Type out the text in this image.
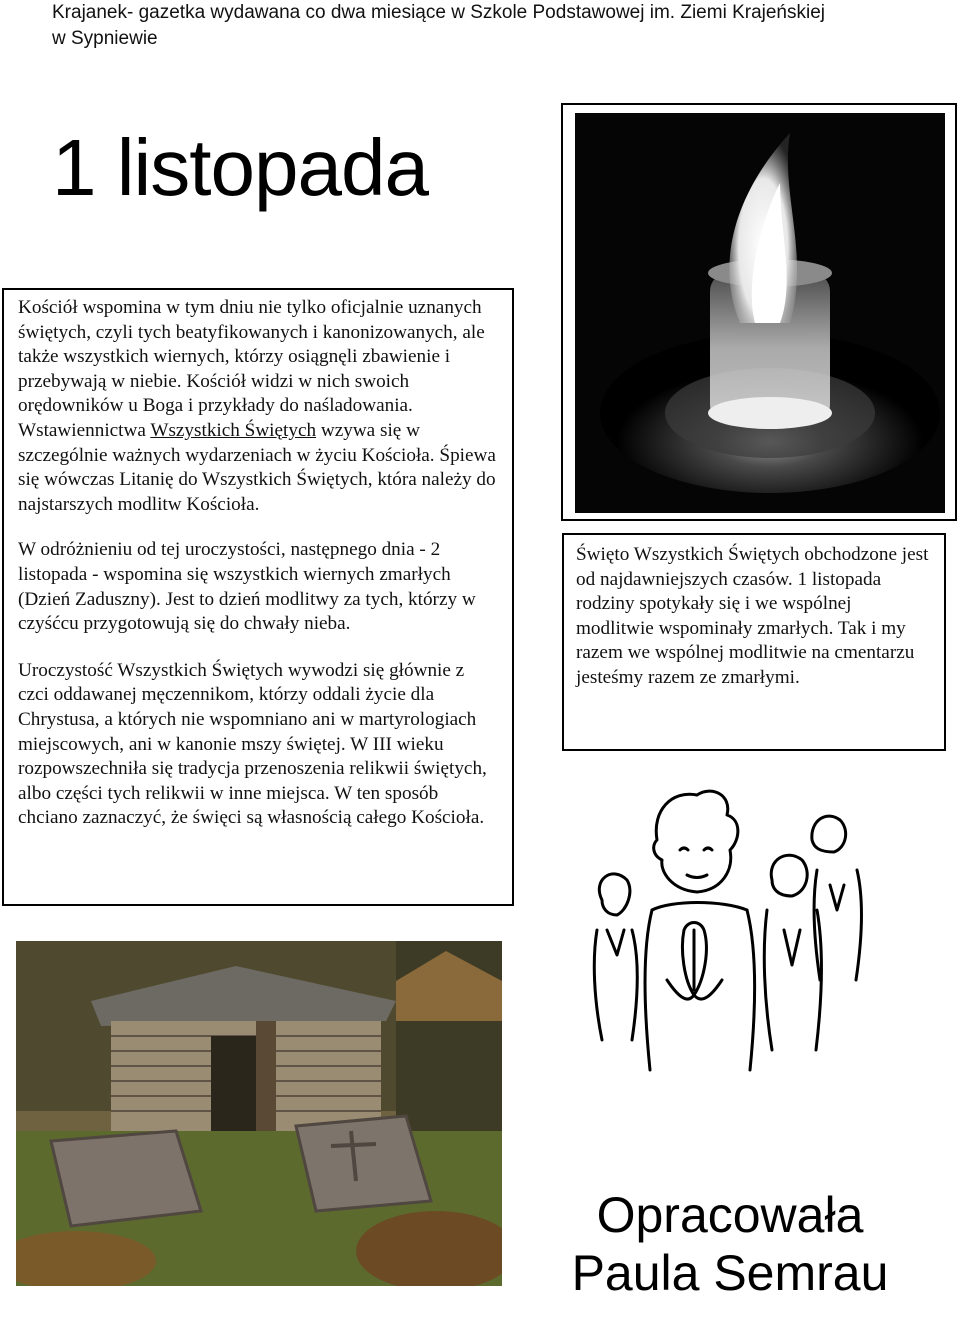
Krajanek- gazetka wydawana co dwa miesiące w Szkole Podstawowej im. Ziemi Krajeńskiej
w Sypniewie
1 listopada

Kościół wspomina w tym dniu nie tylko oficjalnie uznanych świętych, czyli tych beatyfikowanych i kanonizowanych, ale także wszystkich wiernych, którzy osiągnęli zbawienie i przebywają w niebie. Kościół widzi w nich swoich orędowników u Boga i przykłady do naśladowania. Wstawiennictwa Wszystkich Świętych wzywa się w szczególnie ważnych wydarzeniach w życiu Kościoła. Śpiewa się wówczas Litanię do Wszystkich Świętych, która należy do najstarszych modlitw Kościoła.

W odróżnieniu od tej uroczystości, następnego dnia - 2 listopada - wspomina się wszystkich wiernych zmarłych (Dzień Zaduszny). Jest to dzień modlitwy za tych, którzy w czyśćcu przygotowują się do chwały nieba.

Uroczystość Wszystkich Świętych wywodzi się głównie z czci oddawanej męczennikom, którzy oddali życie dla Chrystusa, a których nie wspomniano ani w martyrologiach miejscowych, ani w kanonie mszy świętej. W III wieku rozpowszechniła się tradycja przenoszenia relikwii świętych, albo części tych relikwii w inne miejsca. W ten sposób chciano zaznaczyć, że święci są własnością całego Kościoła.

Święto Wszystkich Świętych obchodzone jest od najdawniejszych czasów. 1 listopada rodziny spotykały się i we wspólnej modlitwie wspominały zmarłych. Tak i my razem we wspólnej modlitwie na cmentarzu jesteśmy razem ze zmarłymi.

Opracowała
Paula Semrau
